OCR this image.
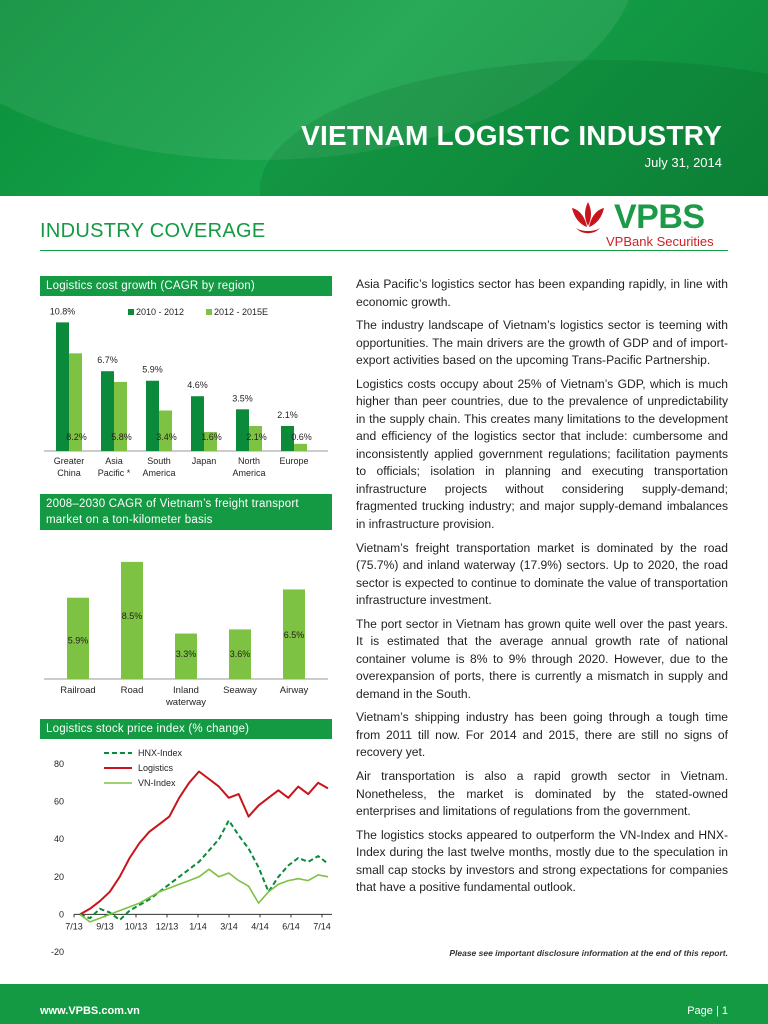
VIETNAM LOGISTIC INDUSTRY
July 31, 2014
INDUSTRY COVERAGE	VPBS
VPBank Securities
Logistics cost growth (CAGR by region)
2010 - 2012	2012 - 2015E
10.8%
8.2%
Greater
China
6.7%
5.8%
Asia
Pacific *
5.9%
3.4%
South
America
4.6%
1.6%
Japan
3.5%
2.1%
North
America
2.1%
0.6%
Europe
2008–2030 CAGR of Vietnam’s freight transport market on a ton-kilometer basis
5.9%
Railroad
8.5%
Road
3.3%
Inland
waterway
3.6%
Seaway
6.5%
Airway
Logistics stock price index (% change)
80
60
40
20
0
-20
7/13 9/13 10/13 12/13 1/14 3/14 4/14 6/14 7/14
HNX-Index
Logistics
VN-Index

Asia Pacific’s logistics sector has been expanding rapidly, in line with economic growth.

The industry landscape of Vietnam’s logistics sector is teeming with opportunities. The main drivers are the growth of GDP and of import-export activities based on the upcoming Trans-Pacific Partnership.

Logistics costs occupy about 25% of Vietnam’s GDP, which is much higher than peer countries, due to the prevalence of unpredictability in the supply chain. This creates many limitations to the development and efficiency of the logistics sector that include: cumbersome and inconsistently applied government regulations; facilitation payments to officials; isolation in planning and executing transportation infrastructure projects without considering supply-demand; fragmented trucking industry; and major supply-demand imbalances in infrastructure provision.

Vietnam’s freight transportation market is dominated by the road (75.7%) and inland waterway (17.9%) sectors. Up to 2020, the road sector is expected to continue to dominate the value of transportation infrastructure investment.

The port sector in Vietnam has grown quite well over the past years. It is estimated that the average annual growth rate of national container volume is 8% to 9% through 2020. However, due to the overexpansion of ports, there is currently a mismatch in supply and demand in the South.

Vietnam’s shipping industry has been going through a tough time from 2011 till now. For 2014 and 2015, there are still no signs of recovery yet.

Air transportation is also a rapid growth sector in Vietnam. Nonetheless, the market is dominated by the stated-owned enterprises and limitations of regulations from the government.

The logistics stocks appeared to outperform the VN-Index and HNX-Index during the last twelve months, mostly due to the speculation in small cap stocks by investors and strong expectations for companies that have a positive fundamental outlook.

Please see important disclosure information at the end of this report.
www.VPBS.com.vn	Page | 1
